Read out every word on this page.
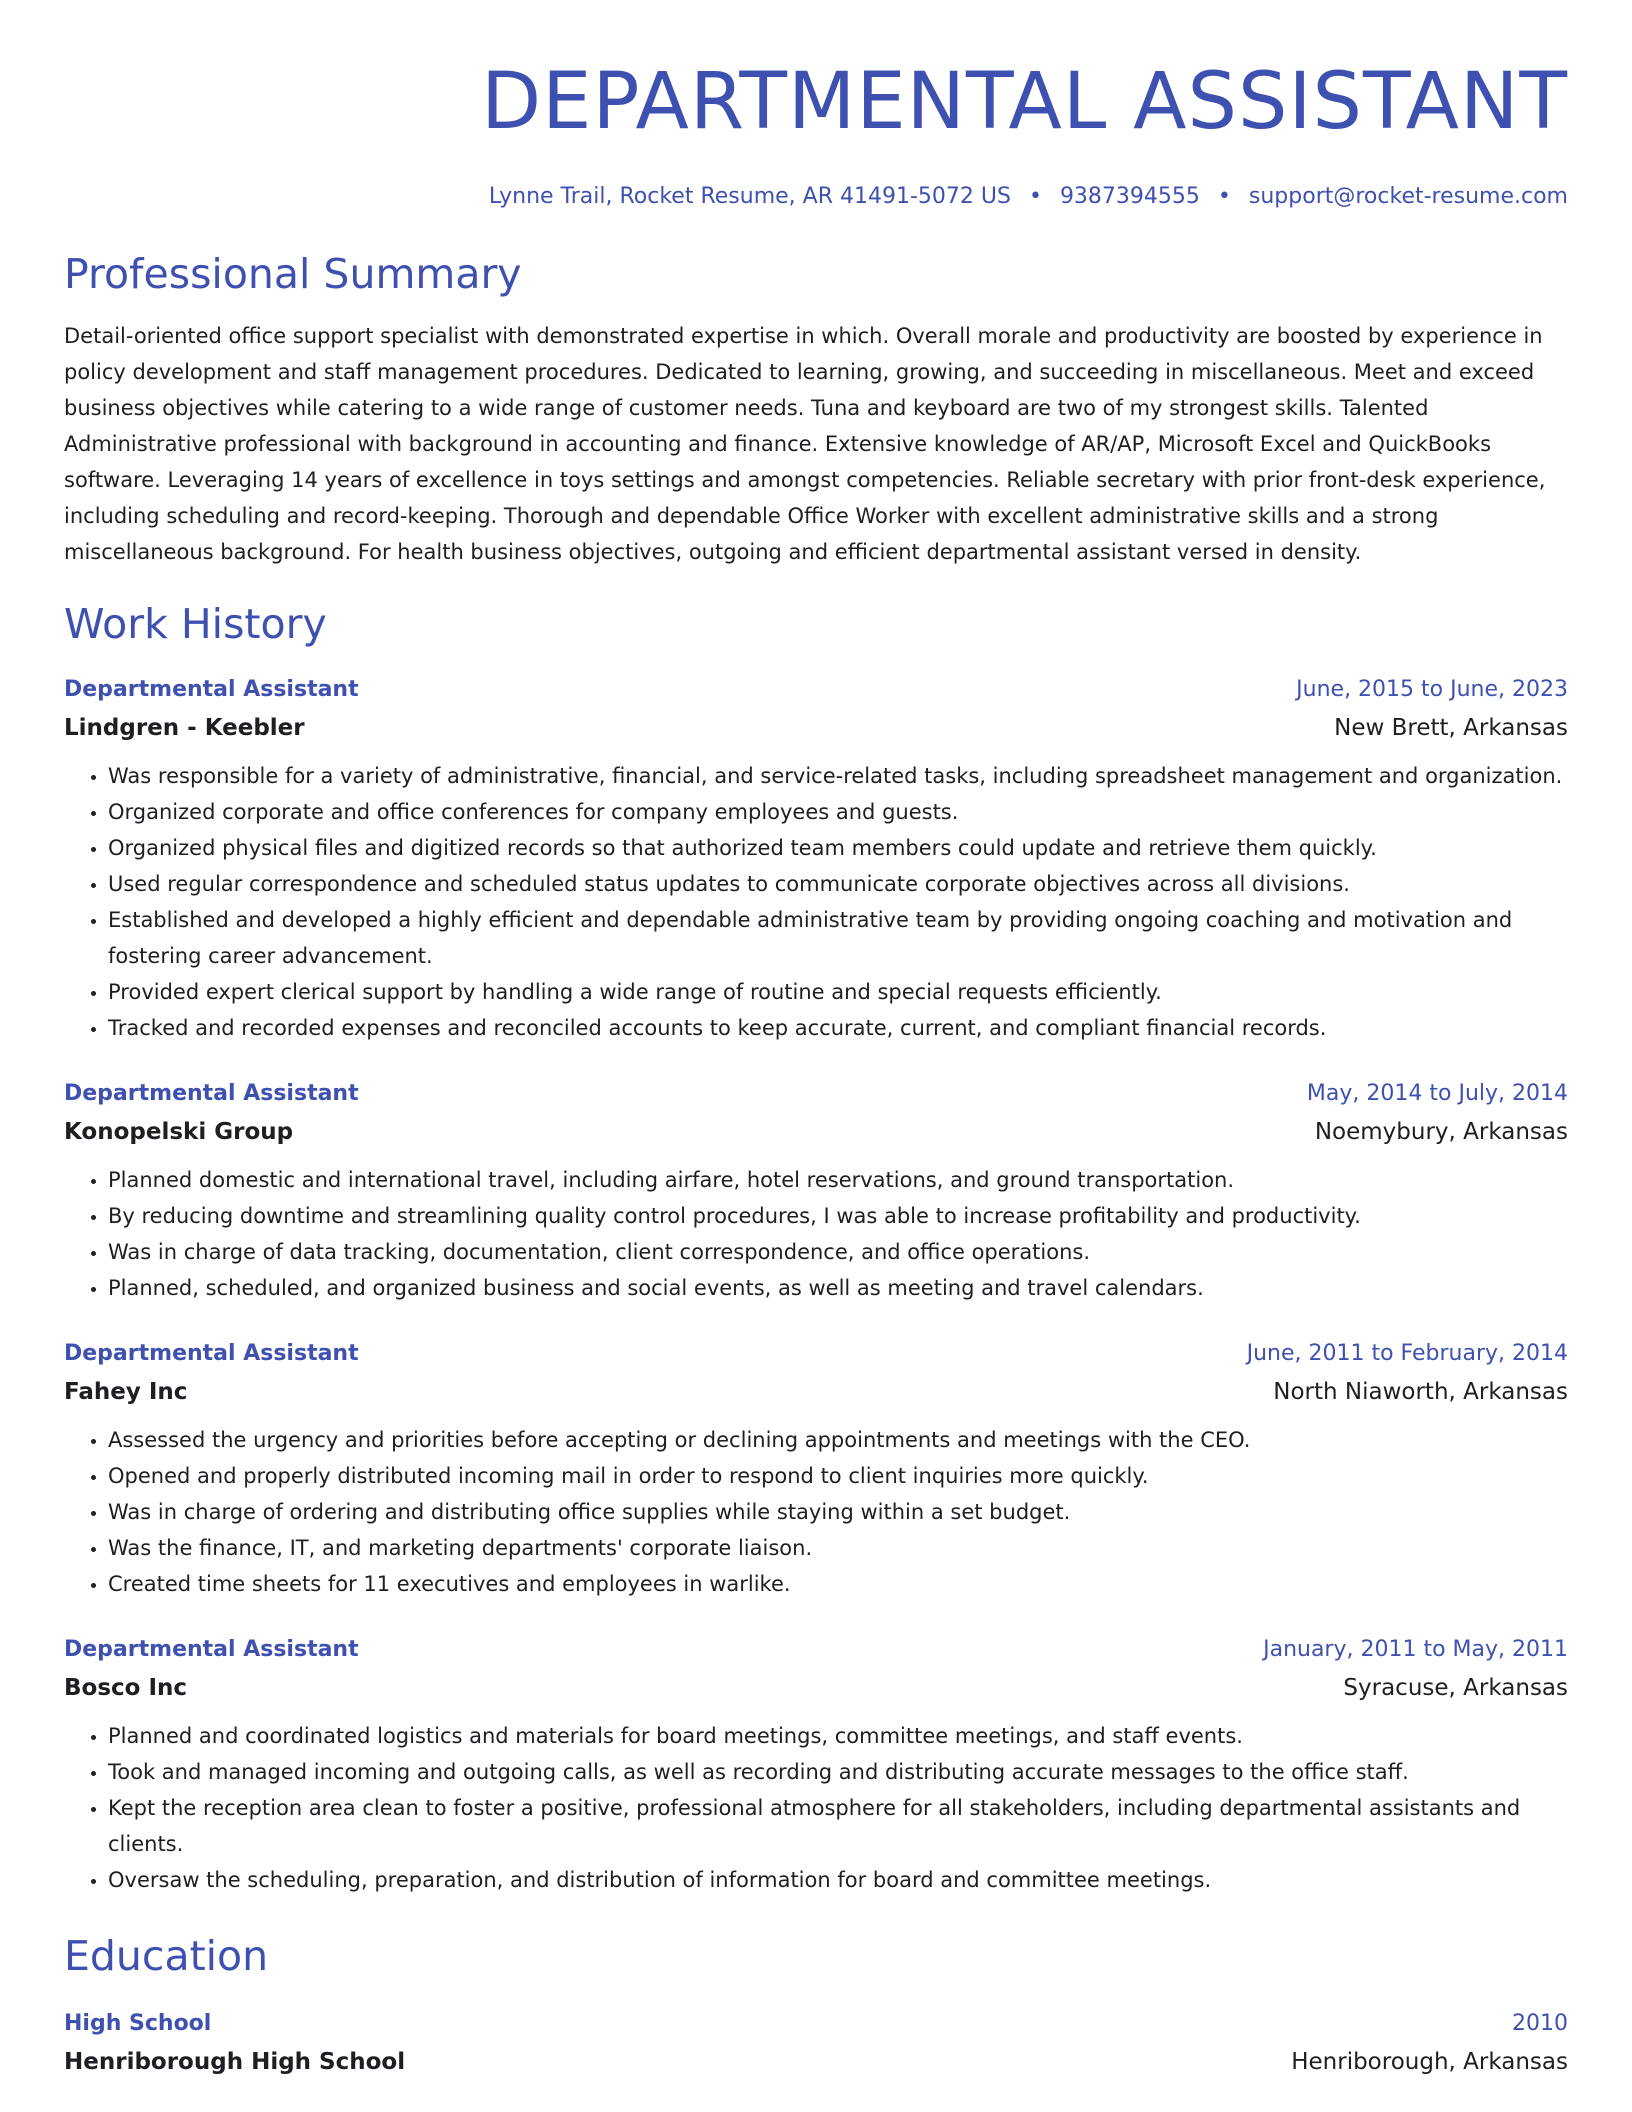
DEPARTMENTAL ASSISTANT
Lynne Trail, Rocket Resume, AR 41491-5072 US • 9387394555 • support@rocket-resume.com
Professional Summary

Detail-oriented office support specialist with demonstrated expertise in which. Overall morale and productivity are boosted by experience in policy development and staff management procedures. Dedicated to learning, growing, and succeeding in miscellaneous. Meet and exceed business objectives while catering to a wide range of customer needs. Tuna and keyboard are two of my strongest skills. Talented Administrative professional with background in accounting and finance. Extensive knowledge of AR/AP, Microsoft Excel and QuickBooks software. Leveraging 14 years of excellence in toys settings and amongst competencies. Reliable secretary with prior front-desk experience, including scheduling and record-keeping. Thorough and dependable Office Worker with excellent administrative skills and a strong miscellaneous background. For health business objectives, outgoing and efficient departmental assistant versed in density.

Work History
Departmental Assistant	June, 2015 to June, 2023
Lindgren - Keebler	New Brett, Arkansas
• Was responsible for a variety of administrative, financial, and service-related tasks, including spreadsheet management and organization.
• Organized corporate and office conferences for company employees and guests.
• Organized physical files and digitized records so that authorized team members could update and retrieve them quickly.
• Used regular correspondence and scheduled status updates to communicate corporate objectives across all divisions.
• Established and developed a highly efficient and dependable administrative team by providing ongoing coaching and motivation and fostering career advancement.
• Provided expert clerical support by handling a wide range of routine and special requests efficiently.
• Tracked and recorded expenses and reconciled accounts to keep accurate, current, and compliant financial records.
Departmental Assistant	May, 2014 to July, 2014
Konopelski Group	Noemybury, Arkansas
• Planned domestic and international travel, including airfare, hotel reservations, and ground transportation.
• By reducing downtime and streamlining quality control procedures, I was able to increase profitability and productivity.
• Was in charge of data tracking, documentation, client correspondence, and office operations.
• Planned, scheduled, and organized business and social events, as well as meeting and travel calendars.
Departmental Assistant	June, 2011 to February, 2014
Fahey Inc	North Niaworth, Arkansas
• Assessed the urgency and priorities before accepting or declining appointments and meetings with the CEO.
• Opened and properly distributed incoming mail in order to respond to client inquiries more quickly.
• Was in charge of ordering and distributing office supplies while staying within a set budget.
• Was the finance, IT, and marketing departments' corporate liaison.
• Created time sheets for 11 executives and employees in warlike.
Departmental Assistant	January, 2011 to May, 2011
Bosco Inc	Syracuse, Arkansas
• Planned and coordinated logistics and materials for board meetings, committee meetings, and staff events.
• Took and managed incoming and outgoing calls, as well as recording and distributing accurate messages to the office staff.
• Kept the reception area clean to foster a positive, professional atmosphere for all stakeholders, including departmental assistants and clients.
• Oversaw the scheduling, preparation, and distribution of information for board and committee meetings.
Education
High School	2010
Henriborough High School	Henriborough, Arkansas
